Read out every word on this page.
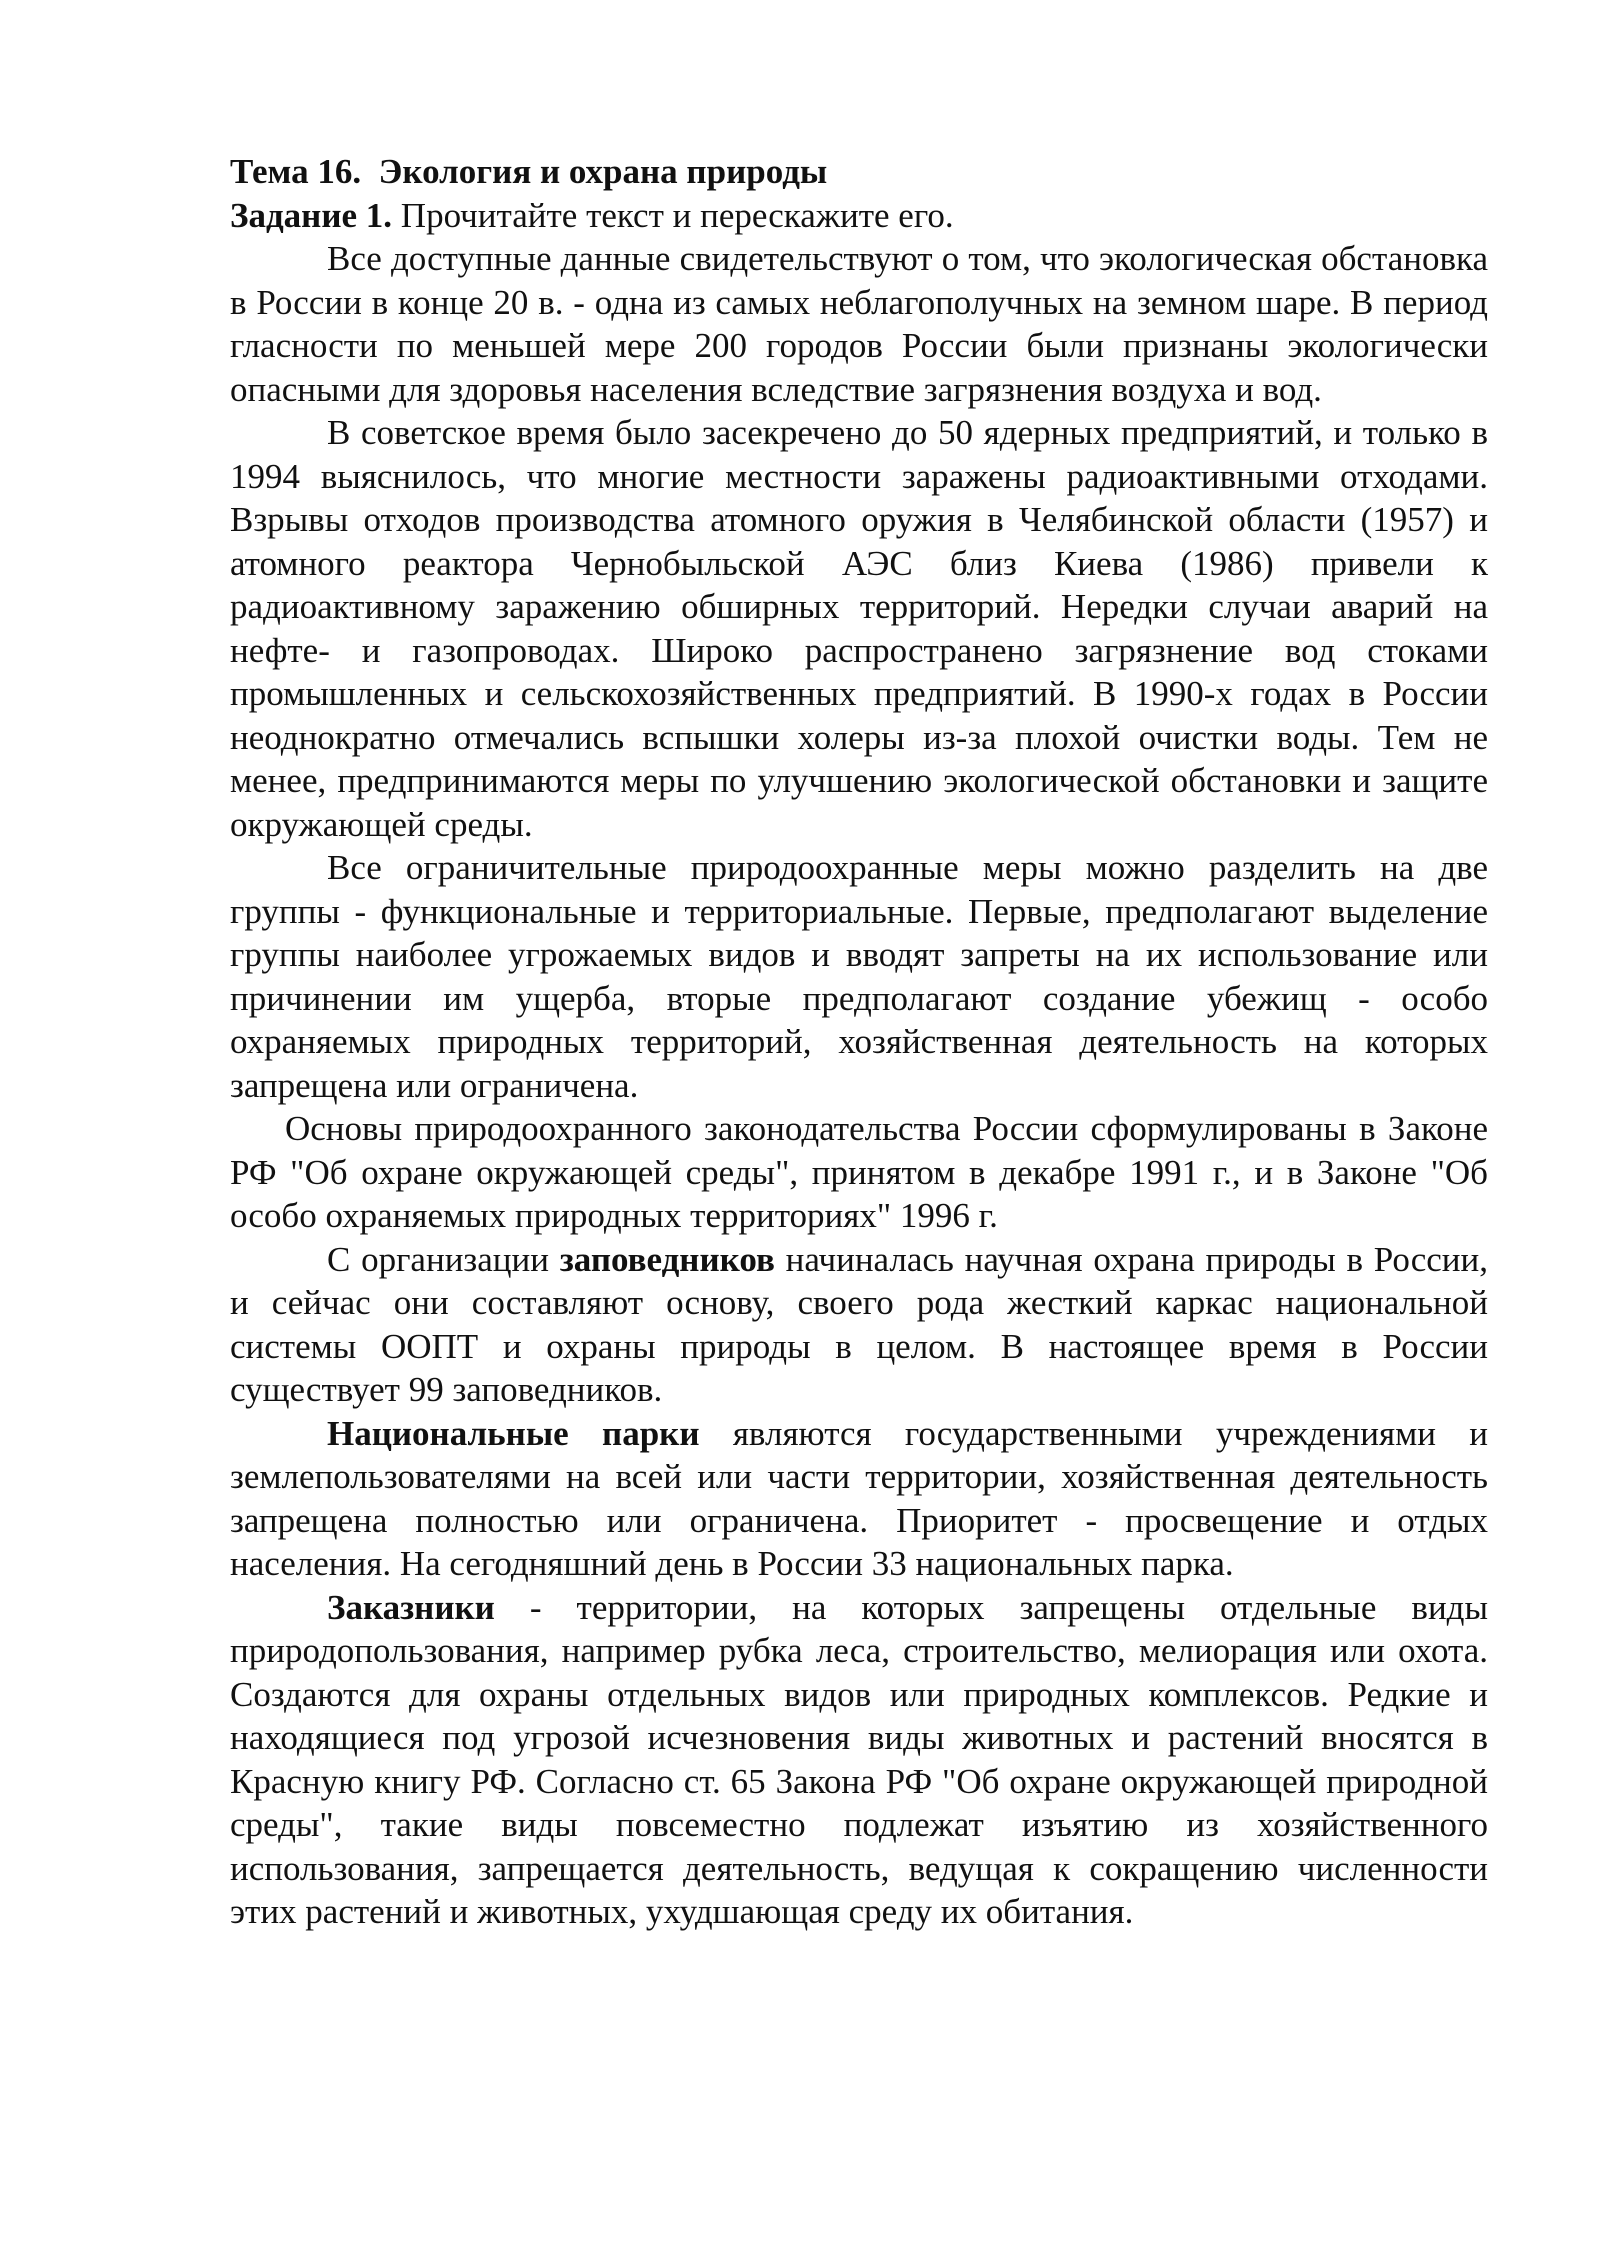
Тема 16.  Экология и охрана природы

Задание 1. Прочитайте текст и перескажите его.

Все доступные данные свидетельствуют о том, что экологическая обстановка в России в конце 20 в. - одна из самых неблагополучных на земном шаре. В период гласности по меньшей мере 200 городов России были признаны экологически опасными для здоровья населения вследствие загрязнения воздуха и вод.

В советское время было засекречено до 50 ядерных предприятий, и только в 1994 выяснилось, что многие местности заражены радиоактивными отходами. Взрывы отходов производства атомного оружия в Челябинской области (1957) и атомного реактора Чернобыльской АЭС близ Киева (1986) привели к радиоактивному заражению обширных территорий. Нередки случаи аварий на нефте- и газопроводах. Широко распространено загрязнение вод стоками промышленных и сельскохозяйственных предприятий. В 1990-х годах в России неоднократно отмечались вспышки холеры из-за плохой очистки воды. Тем не менее, предпринимаются меры по улучшению экологической обстановки и защите окружающей среды.

Все ограничительные природоохранные меры можно разделить на две группы - функциональные и территориальные. Первые, предполагают выделение группы наиболее угрожаемых видов и вводят запреты на их использование или причинении им ущерба, вторые предполагают создание убежищ - особо охраняемых природных территорий, хозяйственная деятельность на которых запрещена или ограничена.

Основы природоохранного законодательства России сформулированы в Законе РФ "Об охране окружающей среды", принятом в декабре 1991 г., и в Законе "Об особо охраняемых природных территориях" 1996 г.

С организации заповедников начиналась научная охрана природы в России, и сейчас они составляют основу, своего рода жесткий каркас национальной системы ООПТ и охраны природы в целом. В настоящее время в России существует 99 заповедников.

Национальные парки являются государственными учреждениями и землепользователями на всей или части территории, хозяйственная деятельность запрещена полностью или ограничена. Приоритет - просвещение и отдых населения. На сегодняшний день в России 33 национальных парка.

Заказники - территории, на которых запрещены отдельные виды природопользования, например рубка леса, строительство, мелиорация или охота. Создаются для охраны отдельных видов или природных комплексов. Редкие и находящиеся под угрозой исчезновения виды животных и растений вносятся в Красную книгу РФ. Согласно ст. 65 Закона РФ "Об охране окружающей природной среды", такие виды повсеместно подлежат изъятию из хозяйственного использования, запрещается деятельность, ведущая к сокращению численности этих растений и животных, ухудшающая среду их обитания.
